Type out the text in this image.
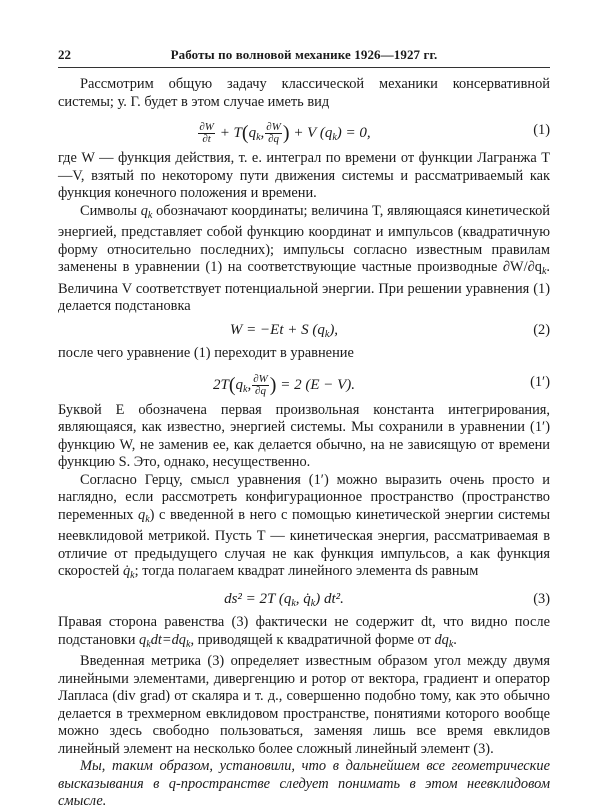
22	Работы по волновой механике 1926—1927 гг.

Рассмотрим общую задачу классической механики консервативной системы; у. Г. будет в этом случае иметь вид

$\frac{\partial W}{\partial t} + T(q_k$, $\frac{\partial W}{\partial q}$ ) + V $(q_k) = 0$,	(1)

где W — функция действия, т. е. интеграл по времени от функции Лагранжа T—V, взятый по некоторому пути движения системы и рассматриваемый как функция конечного положения и времени.

Символы $q_k$ обозначают координаты; величина T, являющаяся кинетической энергией, представляет собой функцию координат и импульсов (квадратичную форму относительно последних); импульсы согласно известным правилам заменены в уравнении (1) на соответствующие частные производные $\partial W/\partial q_k$. Величина V соответствует потенциальной энергии. При решении уравнения (1) делается подстановка

W = −Et + S $(q_k)$,	(2)

после чего уравнение (1) переходит в уравнение

$2T(q_k$, $\frac{\partial W}{\partial q}$ ) = 2 (E − V).	(1′)

Буквой E обозначена первая произвольная константа интегрирования, являющаяся, как известно, энергией системы. Мы сохранили в уравнении (1′) функцию W, не заменив ее, как делается обычно, на не зависящую от времени функцию S. Это, однако, несущественно.

Согласно Герцу, смысл уравнения (1′) можно выразить очень просто и наглядно, если рассмотреть конфигурационное пространство (пространство переменных $q_k$) с введенной в него с помощью кинетической энергии системы неевклидовой метрикой. Пусть T — кинетическая энергия, рассматриваемая в отличие от предыдущего случая не как функция импульсов, а как функция скоростей $q̇_k$; тогда полагаем квадрат линейного элемента ds равным

ds² = 2T ($q_k$, $q̇_k$) dt².	(3)

Правая сторона равенства (3) фактически не содержит dt, что видно после подстановки $q_kdt=dq_k$, приводящей к квадратичной форме от $dq_k$.

Введенная метрика (3) определяет известным образом угол между двумя линейными элементами, дивергенцию и ротор от вектора, градиент и оператор Лапласа (div grad) от скаляра и т. д., совершенно подобно тому, как это обычно делается в трехмерном евклидовом пространстве, понятиями которого вообще можно здесь свободно пользоваться, заменяя лишь все время евклидов линейный элемент на несколько более сложный линейный элемент (3).

Мы, таким образом, установили, что в дальнейшем все геометрические высказывания в q-пространстве следует понимать в этом неевклидовом смысле.
